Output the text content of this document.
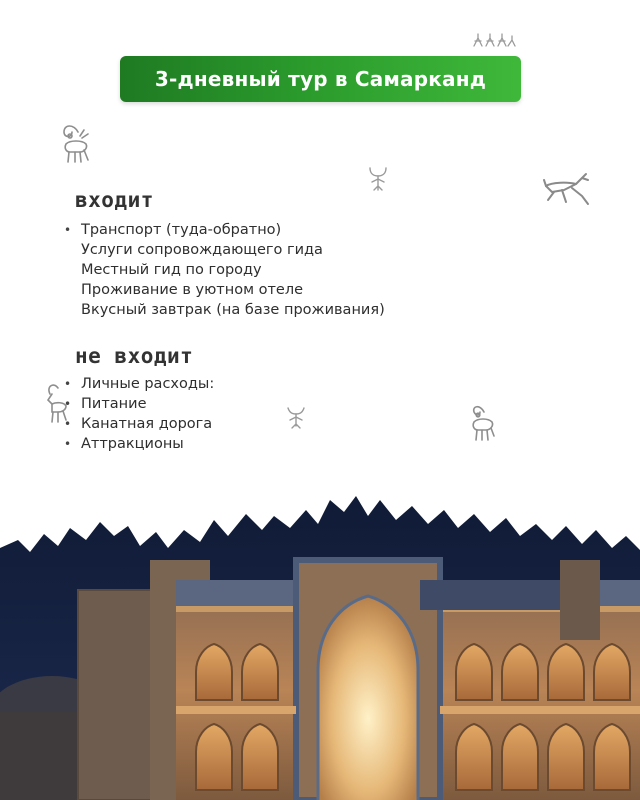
3-дневный тур в Самарканд
входит
• Транспорт (туда-обратно)
Услуги сопровождающего гида
Местный гид по городу
Проживание в уютном отеле
Вкусный завтрак (на базе проживания)
не входит
• Личные расходы:
• Питание
• Канатная дорога
• Аттракционы
